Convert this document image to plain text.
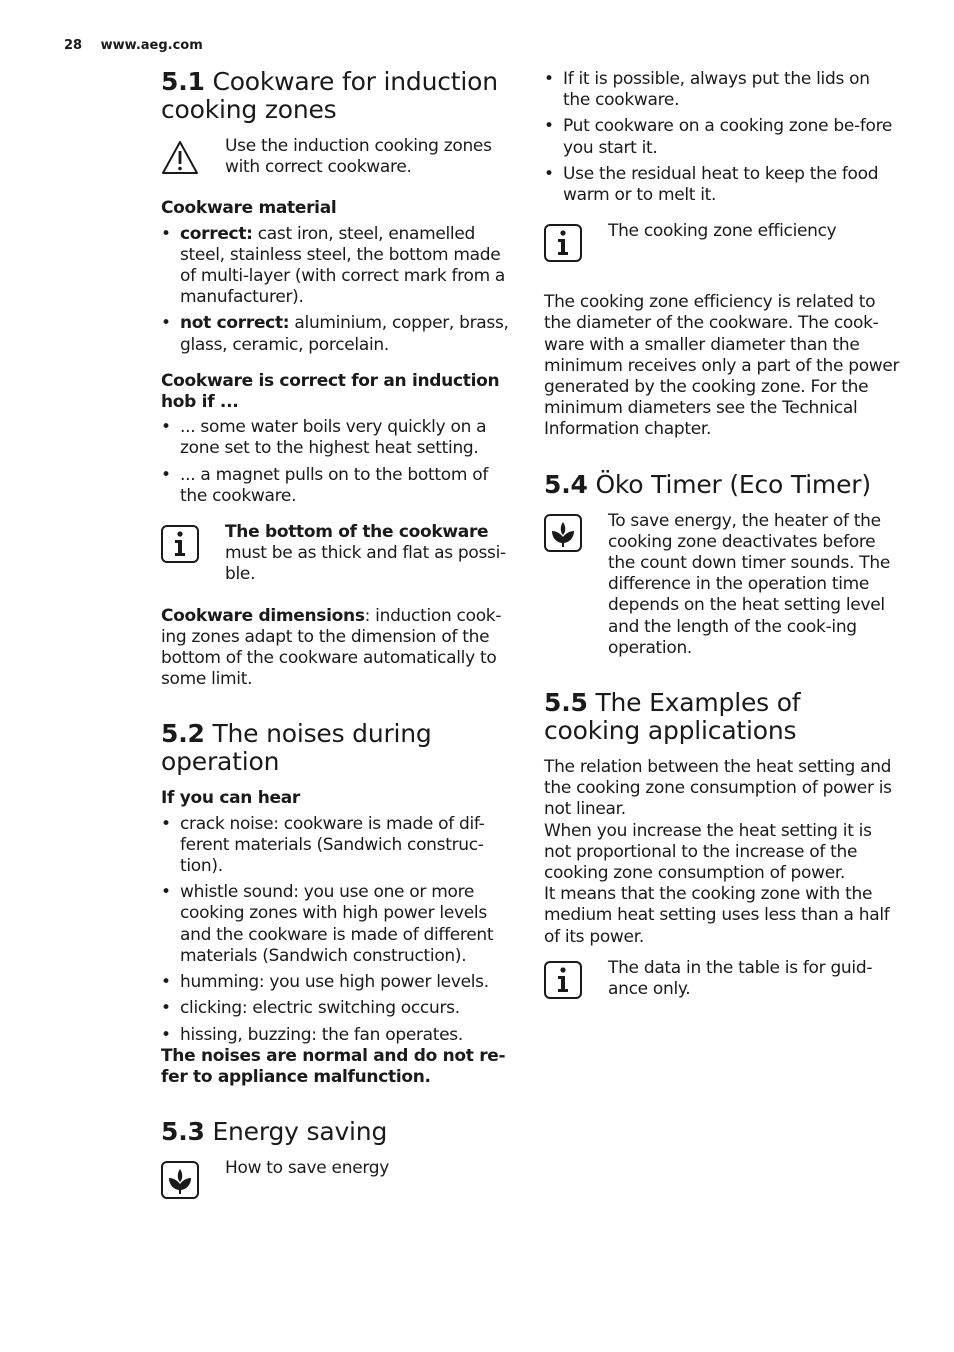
28 www.aeg.com
5.1 Cookware for induction cooking zones
Use the induction cooking zones with correct cookware.
Cookware material
• correct: cast iron, steel, enamelled steel, stainless steel, the bottom made of multi-layer (with correct mark from a manufacturer).
• not correct: aluminium, copper, brass, glass, ceramic, porcelain.
Cookware is correct for an induction hob if ...
• ... some water boils very quickly on a zone set to the highest heat setting.
• ... a magnet pulls on to the bottom of the cookware.
The bottom of the cookware must be as thick and flat as possi-ble.

Cookware dimensions: induction cook-ing zones adapt to the dimension of the bottom of the cookware automatically to some limit.

5.2 The noises during operation
If you can hear
• crack noise: cookware is made of dif-ferent materials (Sandwich construc-tion).
• whistle sound: you use one or more cooking zones with high power levels and the cookware is made of different materials (Sandwich construction).
• humming: you use high power levels.
• clicking: electric switching occurs.
• hissing, buzzing: the fan operates.

The noises are normal and do not re-fer to appliance malfunction.

5.3 Energy saving
How to save energy
• If it is possible, always put the lids on the cookware.
• Put cookware on a cooking zone be-fore you start it.
• Use the residual heat to keep the food warm or to melt it.
The cooking zone efficiency

The cooking zone efficiency is related to the diameter of the cookware. The cook-ware with a smaller diameter than the minimum receives only a part of the power generated by the cooking zone. For the minimum diameters see the Technical Information chapter.

5.4 Öko Timer (Eco Timer)
To save energy, the heater of the cooking zone deactivates before the count down timer sounds. The difference in the operation time depends on the heat setting level and the length of the cook-ing operation.
5.5 The Examples of cooking applications

The relation between the heat setting and the cooking zone consumption of power is not linear.

When you increase the heat setting it is not proportional to the increase of the cooking zone consumption of power.

It means that the cooking zone with the medium heat setting uses less than a half of its power.

The data in the table is for guid-ance only.
